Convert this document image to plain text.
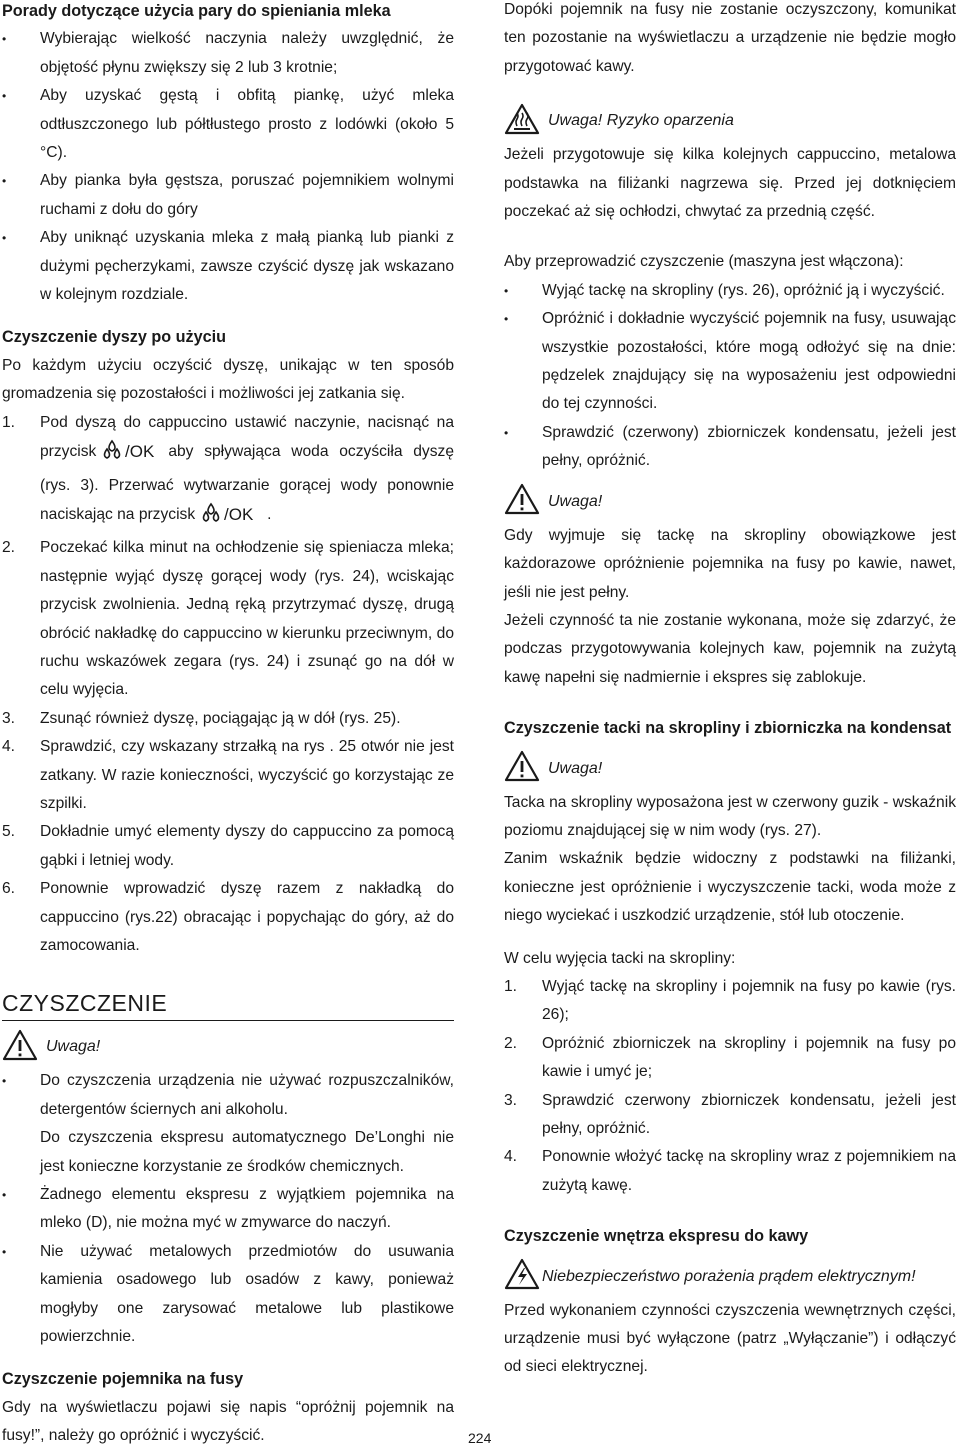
Porady dotyczące użycia pary do spieniania mleka

• Wybierając wielkość naczynia należy uwzględnić, że objętość płynu zwiększy się 2 lub 3 krotnie;
• Aby uzyskać gęstą i obfitą piankę, użyć mleka odtłuszczonego lub półtłustego prosto z lodówki (około 5 °C).
• Aby pianka była gęstsza, poruszać pojemnikiem wolnymi ruchami z dołu do góry
• Aby uniknąć uzyskania mleka z małą pianką lub pianki z dużymi pęcherzykami, zawsze czyścić dyszę jak wskazano w kolejnym rozdziale.

Czyszczenie dyszy po użyciu

Po każdym użyciu oczyścić dyszę, unikając w ten sposób gromadzenia się pozostałości i możliwości jej zatkania się.

1. Pod dyszą do cappuccino ustawić naczynie, nacisnąć na przycisk /OK aby spływająca woda oczyściła dyszę (rys. 3). Przerwać wytwarzanie gorącej wody ponownie naciskając na przycisk /OK .
2. Poczekać kilka minut na ochłodzenie się spieniacza mleka; następnie wyjąć dyszę gorącej wody (rys. 24), wciskając przycisk zwolnienia. Jedną ręką przytrzymać dyszę, drugą obrócić nakładkę do cappuccino w kierunku przeciwnym, do ruchu wskazówek zegara (rys. 24) i zsunąć go na dół w celu wyjęcia.
3. Zsunąć również dyszę, pociągając ją w dół (rys. 25).
4. Sprawdzić, czy wskazany strzałką na rys . 25 otwór nie jest zatkany. W razie konieczności, wyczyścić go korzystając ze szpilki.
5. Dokładnie umyć elementy dyszy do cappuccino za pomocą gąbki i letniej wody.
6. Ponownie wprowadzić dyszę razem z nakładką do cappuccino (rys.22) obracając i popychając do góry, aż do zamocowania.

CZYSZCZENIE

Uwaga!
• Do czyszczenia urządzenia nie używać rozpuszczalników, detergentów ściernych ani alkoholu.
Do czyszczenia ekspresu automatycznego De’Longhi nie jest konieczne korzystanie ze środków chemicznych.
• Żadnego elementu ekspresu z wyjątkiem pojemnika na mleko (D), nie można myć w zmywarce do naczyń.
• Nie używać metalowych przedmiotów do usuwania kamienia osadowego lub osadów z kawy, ponieważ mogłyby one zarysować metalowe lub plastikowe powierzchnie.

Czyszczenie pojemnika na fusy

Gdy na wyświetlaczu pojawi się napis “opróżnij pojemnik na fusy!”, należy go opróżnić i wyczyścić.

Dopóki pojemnik na fusy nie zostanie oczyszczony, komunikat ten pozostanie na wyświetlaczu a urządzenie nie będzie mogło przygotować kawy.

Uwaga! Ryzyko oparzenia

Jeżeli przygotowuje się kilka kolejnych cappuccino, metalowa podstawka na filiżanki nagrzewa się. Przed jej dotknięciem poczekać aż się ochłodzi, chwytać za przednią część.

Aby przeprowadzić czyszczenie (maszyna jest włączona):

• Wyjąć tackę na skropliny (rys. 26), opróżnić ją i wyczyścić.
• Opróżnić i dokładnie wyczyścić pojemnik na fusy, usuwając wszystkie pozostałości, które mogą odłożyć się na dnie: pędzelek znajdujący się na wyposażeniu jest odpowiedni do tej czynności.
• Sprawdzić (czerwony) zbiorniczek kondensatu, jeżeli jest pełny, opróżnić.
Uwaga!

Gdy wyjmuje się tackę na skropliny obowiązkowe jest każdorazowe opróżnienie pojemnika na fusy po kawie, nawet, jeśli nie jest pełny.

Jeżeli czynność ta nie zostanie wykonana, może się zdarzyć, że podczas przygotowywania kolejnych kaw, pojemnik na zużytą kawę napełni się nadmiernie i ekspres się zablokuje.

Czyszczenie tacki na skropliny i zbiorniczka na kondensat

Uwaga!

Tacka na skropliny wyposażona jest w czerwony guzik - wskaźnik poziomu znajdującej się w nim wody (rys. 27).

Zanim wskaźnik będzie widoczny z podstawki na filiżanki, konieczne jest opróżnienie i wyczyszczenie tacki, woda może z niego wyciekać i uszkodzić urządzenie, stół lub otoczenie.

W celu wyjęcia tacki na skropliny:

1. Wyjąć tackę na skropliny i pojemnik na fusy po kawie (rys. 26);
2. Opróżnić zbiorniczek na skropliny i pojemnik na fusy po kawie i umyć je;
3. Sprawdzić czerwony zbiorniczek kondensatu, jeżeli jest pełny, opróżnić.
4. Ponownie włożyć tackę na skropliny wraz z pojemnikiem na zużytą kawę.

Czyszczenie wnętrza ekspresu do kawy

Niebezpieczeństwo porażenia prądem elektrycznym!

Przed wykonaniem czynności czyszczenia wewnętrznych części, urządzenie musi być wyłączone (patrz „Wyłączanie”) i odłączyć od sieci elektrycznej.

224
